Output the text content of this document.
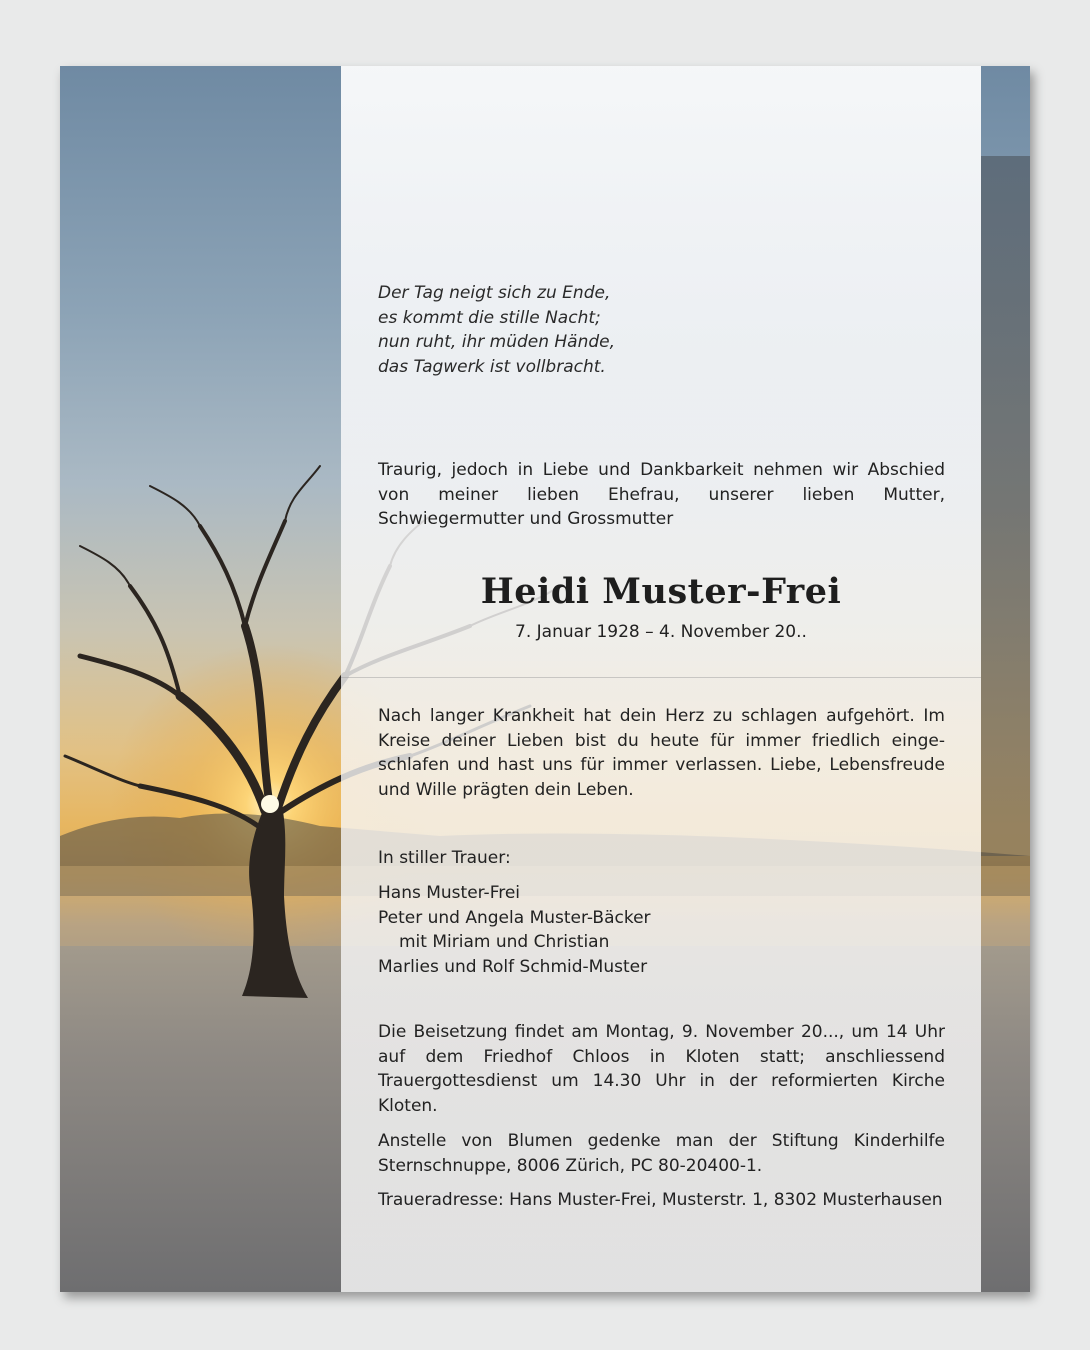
Der Tag neigt sich zu Ende,
es kommt die stille Nacht;
nun ruht, ihr müden Hände,
das Tagwerk ist vollbracht.
Traurig, jedoch in Liebe und Dankbarkeit nehmen wir Abschied von meiner lieben Ehefrau, unserer lieben Mutter, Schwiegermutter und Grossmutter
Heidi Muster-Frei
7. Januar 1928 – 4. November 20..
Nach langer Krankheit hat dein Herz zu schlagen aufgehört. Im Kreise deiner Lieben bist du heute für immer friedlich eingeschlafen und hast uns für immer verlassen. Liebe, Lebensfreude und Wille prägten dein Leben.
In stiller Trauer:
Hans Muster-Frei
Peter und Angela Muster-Bäcker
mit Miriam und Christian
Marlies und Rolf Schmid-Muster
Die Beisetzung findet am Montag, 9. November 20..., um 14 Uhr auf dem Friedhof Chloos in Kloten statt; anschliessend Trauergottesdienst um 14.30 Uhr in der reformierten Kirche Kloten.
Anstelle von Blumen gedenke man der Stiftung Kinderhilfe Sternschnuppe, 8006 Zürich, PC 80-20400-1.
Traueradresse: Hans Muster-Frei, Musterstr. 1, 8302 Musterhausen
